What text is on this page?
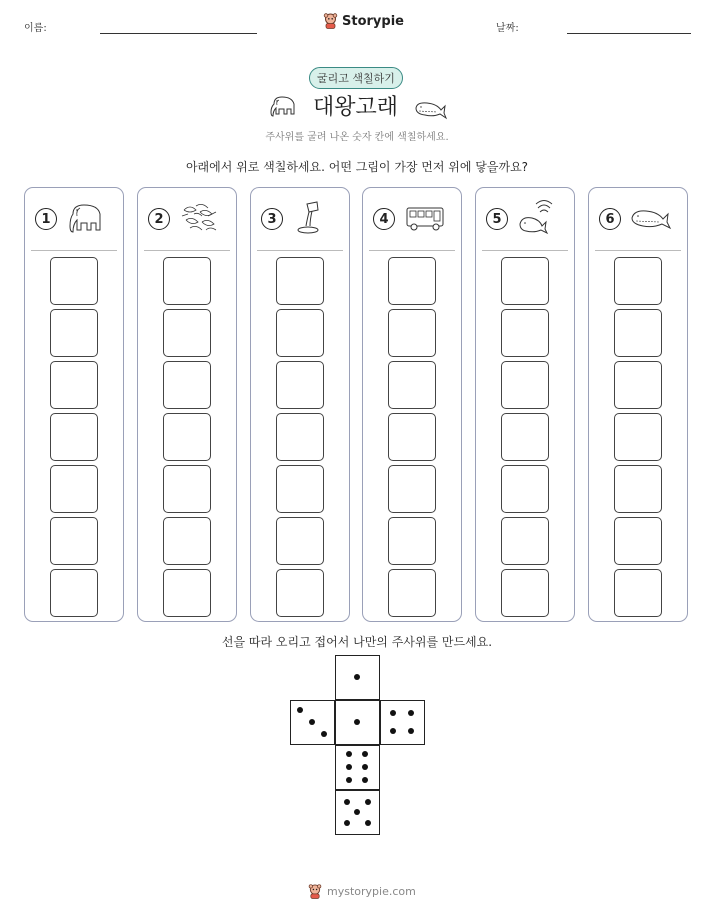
이름:	Storypie	날짜:
굴리고 색칠하기
대왕고래
주사위를 굴려 나온 숫자 칸에 색칠하세요.
아래에서 위로 색칠하세요. 어떤 그림이 가장 먼저 위에 닿을까요?
1	2	3	4	5	6
선을 따라 오리고 접어서 나만의 주사위를 만드세요.
mystorypie.com
